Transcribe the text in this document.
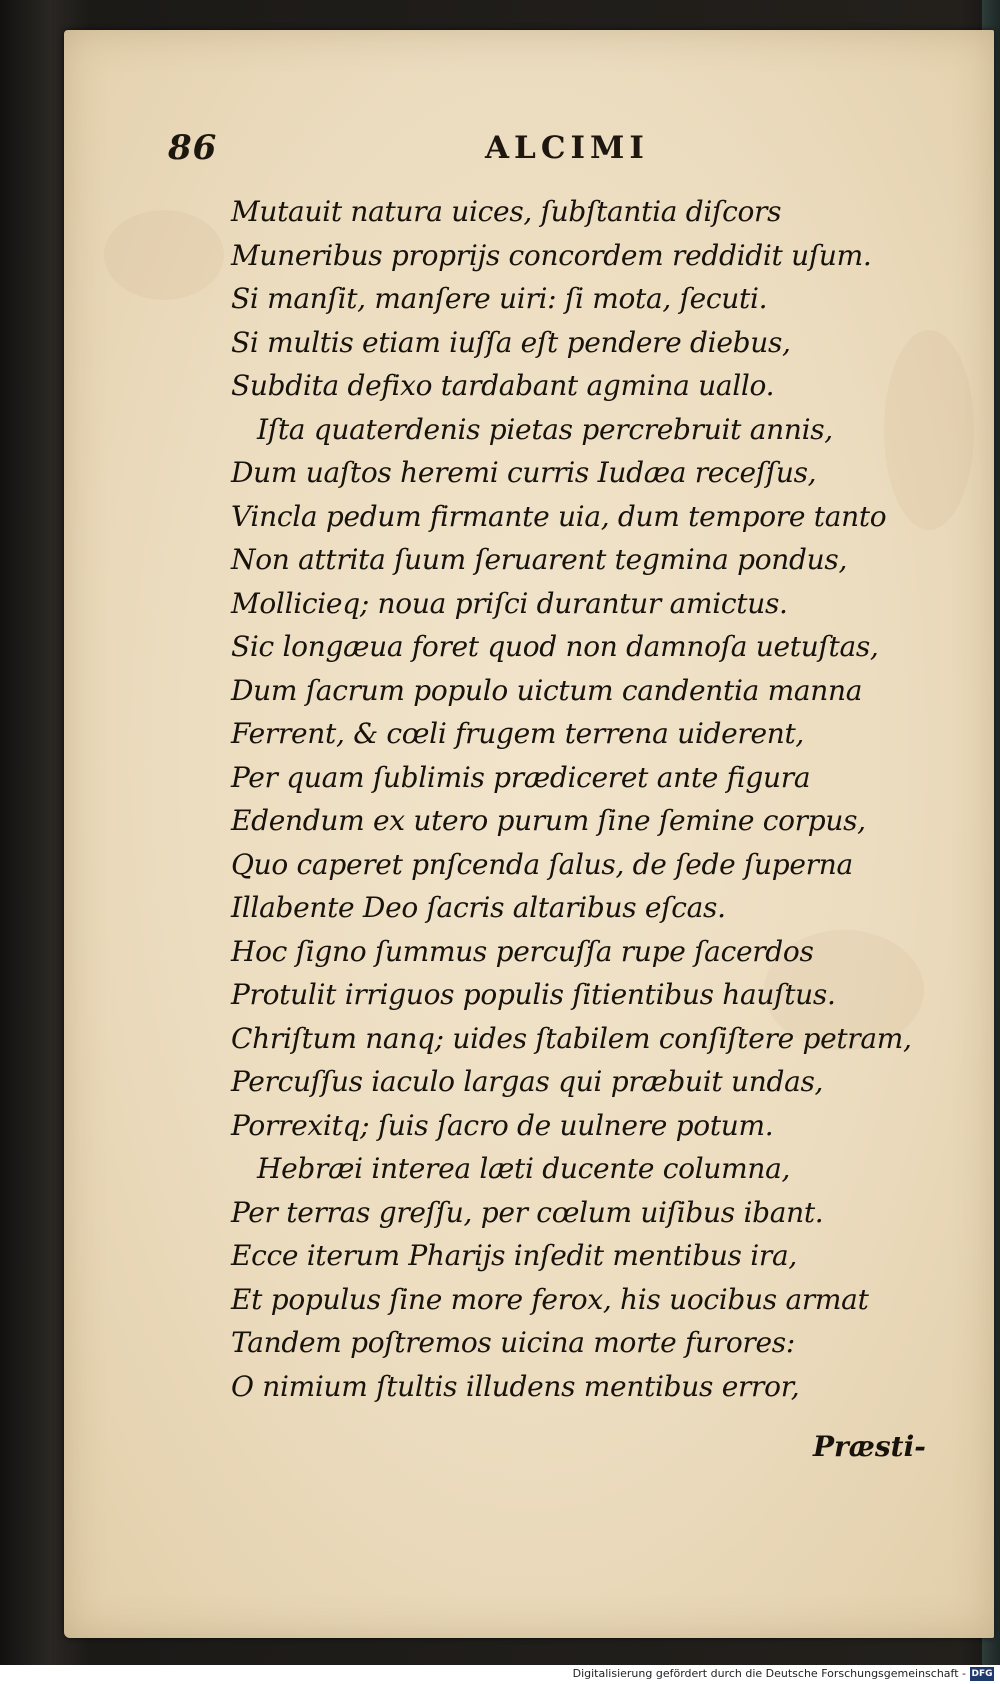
86	ALCIMI
Mutauit natura uices, ſubſtantia diſcors
Muneribus proprijs concordem reddidit uſum.
Si manſit, manſere uiri: ſi mota, ſecuti.
Si multis etiam iuſſa eſt pendere diebus,
Subdita defixo tardabant agmina uallo.
Iſta quaterdenis pietas percrebruit annis,
Dum uaſtos heremi curris Iudæa receſſus,
Vincla pedum firmante uia, dum tempore tanto
Non attrita ſuum ſeruarent tegmina pondus,
Mollicieq; noua priſci durantur amictus.
Sic longæua foret quod non damnoſa uetuſtas,
Dum ſacrum populo uictum candentia manna
Ferrent, & cœli frugem terrena uiderent,
Per quam ſublimis prædiceret ante figura
Edendum ex utero purum ſine ſemine corpus,
Quo caperet pnſcenda ſalus, de ſede ſuperna
Illabente Deo ſacris altaribus eſcas.
Hoc ſigno ſummus percuſſa rupe ſacerdos
Protulit irriguos populis ſitientibus hauſtus.
Chriſtum nanq; uides ſtabilem conſiſtere petram,
Percuſſus iaculo largas qui præbuit undas,
Porrexitq; ſuis ſacro de uulnere potum.
Hebræi interea læti ducente columna,
Per terras greſſu, per cœlum uiſibus ibant.
Ecce iterum Pharijs inſedit mentibus ira,
Et populus ſine more ferox, his uocibus armat
Tandem poſtremos uicina morte furores:
O nimium ſtultis illudens mentibus error,
Præsti-
Digitalisierung gefördert durch die Deutsche Forschungsgemeinschaft - DFG
